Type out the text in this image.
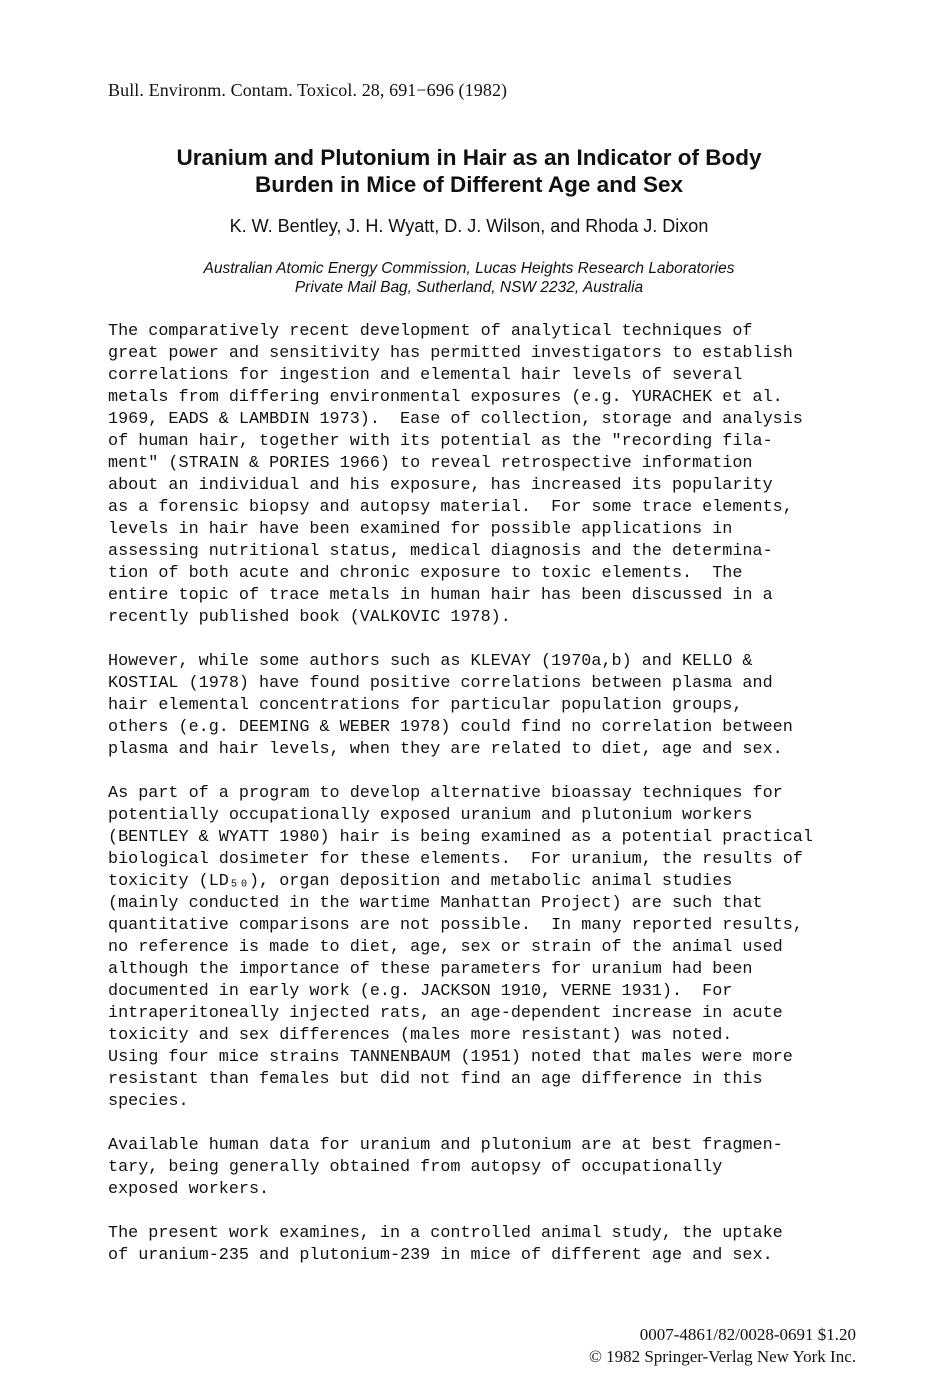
Bull. Environm. Contam. Toxicol. 28, 691−696 (1982)
Uranium and Plutonium in Hair as an Indicator of Body
Burden in Mice of Different Age and Sex
K. W. Bentley, J. H. Wyatt, D. J. Wilson, and Rhoda J. Dixon
Australian Atomic Energy Commission, Lucas Heights Research Laboratories
Private Mail Bag, Sutherland, NSW 2232, Australia
The comparatively recent development of analytical techniques of
great power and sensitivity has permitted investigators to establish
correlations for ingestion and elemental hair levels of several
metals from differing environmental exposures (e.g. YURACHEK et al.
1969, EADS & LAMBDIN 1973).  Ease of collection, storage and analysis
of human hair, together with its potential as the "recording fila-
ment" (STRAIN & PORIES 1966) to reveal retrospective information
about an individual and his exposure, has increased its popularity
as a forensic biopsy and autopsy material.  For some trace elements,
levels in hair have been examined for possible applications in
assessing nutritional status, medical diagnosis and the determina-
tion of both acute and chronic exposure to toxic elements.  The
entire topic of trace metals in human hair has been discussed in a
recently published book (VALKOVIC 1978).
However, while some authors such as KLEVAY (1970a,b) and KELLO &
KOSTIAL (1978) have found positive correlations between plasma and
hair elemental concentrations for particular population groups,
others (e.g. DEEMING & WEBER 1978) could find no correlation between
plasma and hair levels, when they are related to diet, age and sex.
As part of a program to develop alternative bioassay techniques for
potentially occupationally exposed uranium and plutonium workers
(BENTLEY & WYATT 1980) hair is being examined as a potential practical
biological dosimeter for these elements.  For uranium, the results of
toxicity (LD₅₀), organ deposition and metabolic animal studies
(mainly conducted in the wartime Manhattan Project) are such that
quantitative comparisons are not possible.  In many reported results,
no reference is made to diet, age, sex or strain of the animal used
although the importance of these parameters for uranium had been
documented in early work (e.g. JACKSON 1910, VERNE 1931).  For
intraperitoneally injected rats, an age-dependent increase in acute
toxicity and sex differences (males more resistant) was noted.
Using four mice strains TANNENBAUM (1951) noted that males were more
resistant than females but did not find an age difference in this
species.
Available human data for uranium and plutonium are at best fragmen-
tary, being generally obtained from autopsy of occupationally
exposed workers.
The present work examines, in a controlled animal study, the uptake
of uranium-235 and plutonium-239 in mice of different age and sex.
0007-4861/82/0028-0691 $1.20
© 1982 Springer-Verlag New York Inc.
